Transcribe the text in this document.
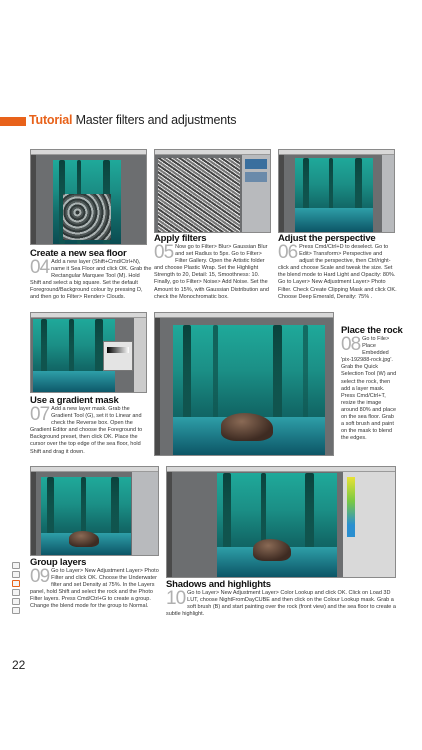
Tutorial Master filters and adjustments
Create a new sea floor
04 Add a new layer (Shift+Cmd/Ctrl+N), name it Sea Floor and click OK. Grab the Rectangular Marquee Tool (M). Hold Shift and select a big square. Set the default Foreground/Background colour by pressing D, and then go to Filter> Render> Clouds.
Apply filters
05 Now go to Filter> Blur> Gaussian Blur and set Radius to 5px. Go to Filter> Filter Gallery. Open the Artistic folder and choose Plastic Wrap. Set the Highlight Strength to 20, Detail: 15, Smoothness: 10. Finally, go to Filter> Noise> Add Noise. Set the Amount to 15%, with Gaussian Distribution and check the Monochromatic box.
Adjust the perspective
06 Press Cmd/Ctrl+D to deselect. Go to Edit> Transform> Perspective and adjust the perspective, then Ctrl/right-click and choose Scale and tweak the size. Set the blend mode to Hard Light and Opacity: 80%. Go to Layer> New Adjustment Layer> Photo Filter. Check Create Clipping Mask and click OK. Choose Deep Emerald, Density: 75% .
Use a gradient mask
07 Add a new layer mask. Grab the Gradient Tool (G), set it to Linear and check the Reverse box. Open the Gradient Editor and choose the Foreground to Background preset, then click OK. Place the cursor over the top edge of the sea floor, hold Shift and drag it down.
Place the rock
08 Go to File> Place Embedded 'pix-192988-rock.jpg'. Grab the Quick Selection Tool (W) and select the rock, then add a layer mask. Press Cmd/Ctrl+T, resize the image around 80% and place on the sea floor. Grab a soft brush and paint on the mask to blend the edges.
Group layers
09 Go to Layer> New Adjustment Layer> Photo Filter and click OK. Choose the Underwater filter and set Density at 75%. In the Layers panel, hold Shift and select the rock and the Photo Filter layers. Press Cmd/Ctrl+G to create a group. Change the blend mode for the group to Normal.
Shadows and highlights
10 Go to Layer> New Adjustment Layer> Color Lookup and click OK. Click on Load 3D LUT, choose NightFromDayCUBE and then click on the Colour Lookup mask. Grab a soft brush (B) and start painting over the rock (front view) and the sea floor to create a subtle highlight.
22
